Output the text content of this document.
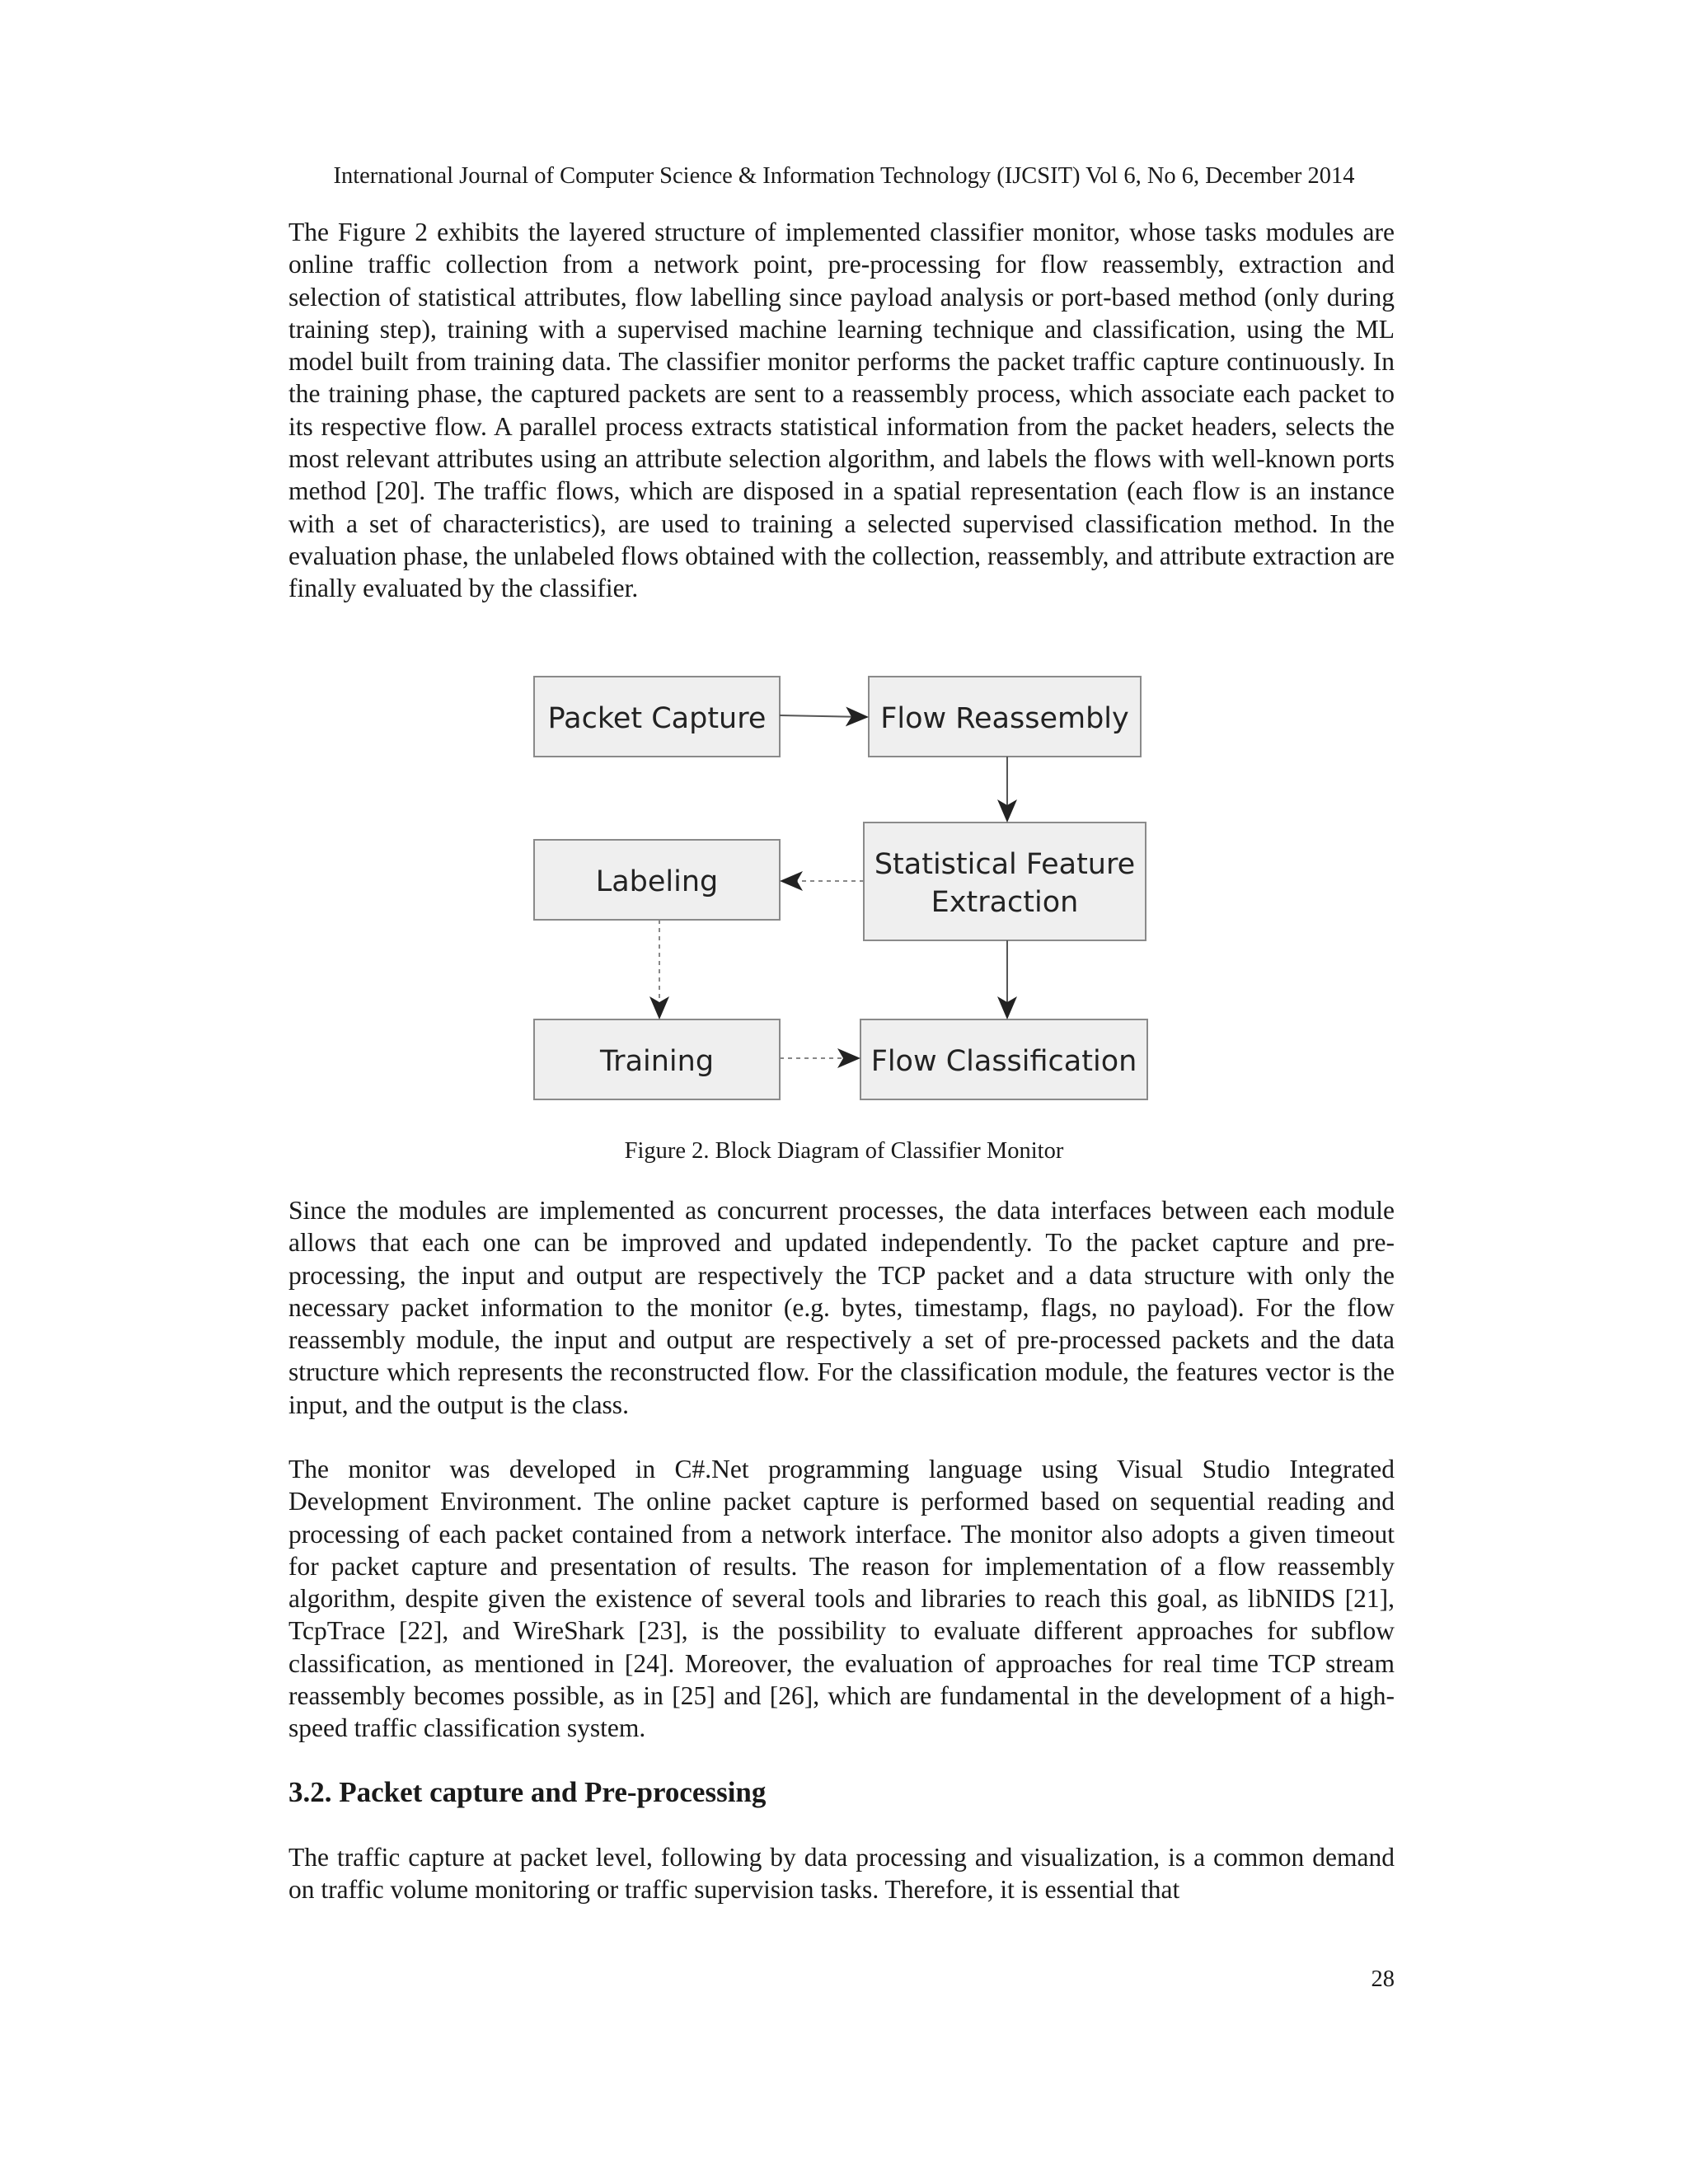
International Journal of Computer Science & Information Technology (IJCSIT) Vol 6, No 6, December 2014

The Figure 2 exhibits the layered structure of implemented classifier monitor, whose tasks modules are online traffic collection from a network point, pre-processing for flow reassembly, extraction and selection of statistical attributes, flow labelling since payload analysis or port-based method (only during training step), training with a supervised machine learning technique and classification, using the ML model built from training data. The classifier monitor performs the packet traffic capture continuously. In the training phase, the captured packets are sent to a reassembly process, which associate each packet to its respective flow. A parallel process extracts statistical information from the packet headers, selects the most relevant attributes using an attribute selection algorithm, and labels the flows with well-known ports method [20]. The traffic flows, which are disposed in a spatial representation (each flow is an instance with a set of characteristics), are used to training a selected supervised classification method. In the evaluation phase, the unlabeled flows obtained with the collection, reassembly, and attribute extraction are finally evaluated by the classifier.

Packet Capture	Flow Reassembly
Labeling
Statistical Feature
Extraction
Training	Flow Classification
Figure 2. Block Diagram of Classifier Monitor

Since the modules are implemented as concurrent processes, the data interfaces between each module allows that each one can be improved and updated independently. To the packet capture and pre-processing, the input and output are respectively the TCP packet and a data structure with only the necessary packet information to the monitor (e.g. bytes, timestamp, flags, no payload). For the flow reassembly module, the input and output are respectively a set of pre-processed packets and the data structure which represents the reconstructed flow. For the classification module, the features vector is the input, and the output is the class.

The monitor was developed in C#.Net programming language using Visual Studio Integrated Development Environment. The online packet capture is performed based on sequential reading and processing of each packet contained from a network interface. The monitor also adopts a given timeout for packet capture and presentation of results. The reason for implementation of a flow reassembly algorithm, despite given the existence of several tools and libraries to reach this goal, as libNIDS [21], TcpTrace [22], and WireShark [23], is the possibility to evaluate different approaches for subflow classification, as mentioned in [24]. Moreover, the evaluation of approaches for real time TCP stream reassembly becomes possible, as in [25] and [26], which are fundamental in the development of a high-speed traffic classification system.

3.2. Packet capture and Pre-processing

The traffic capture at packet level, following by data processing and visualization, is a common demand on traffic volume monitoring or traffic supervision tasks. Therefore, it is essential that

28
